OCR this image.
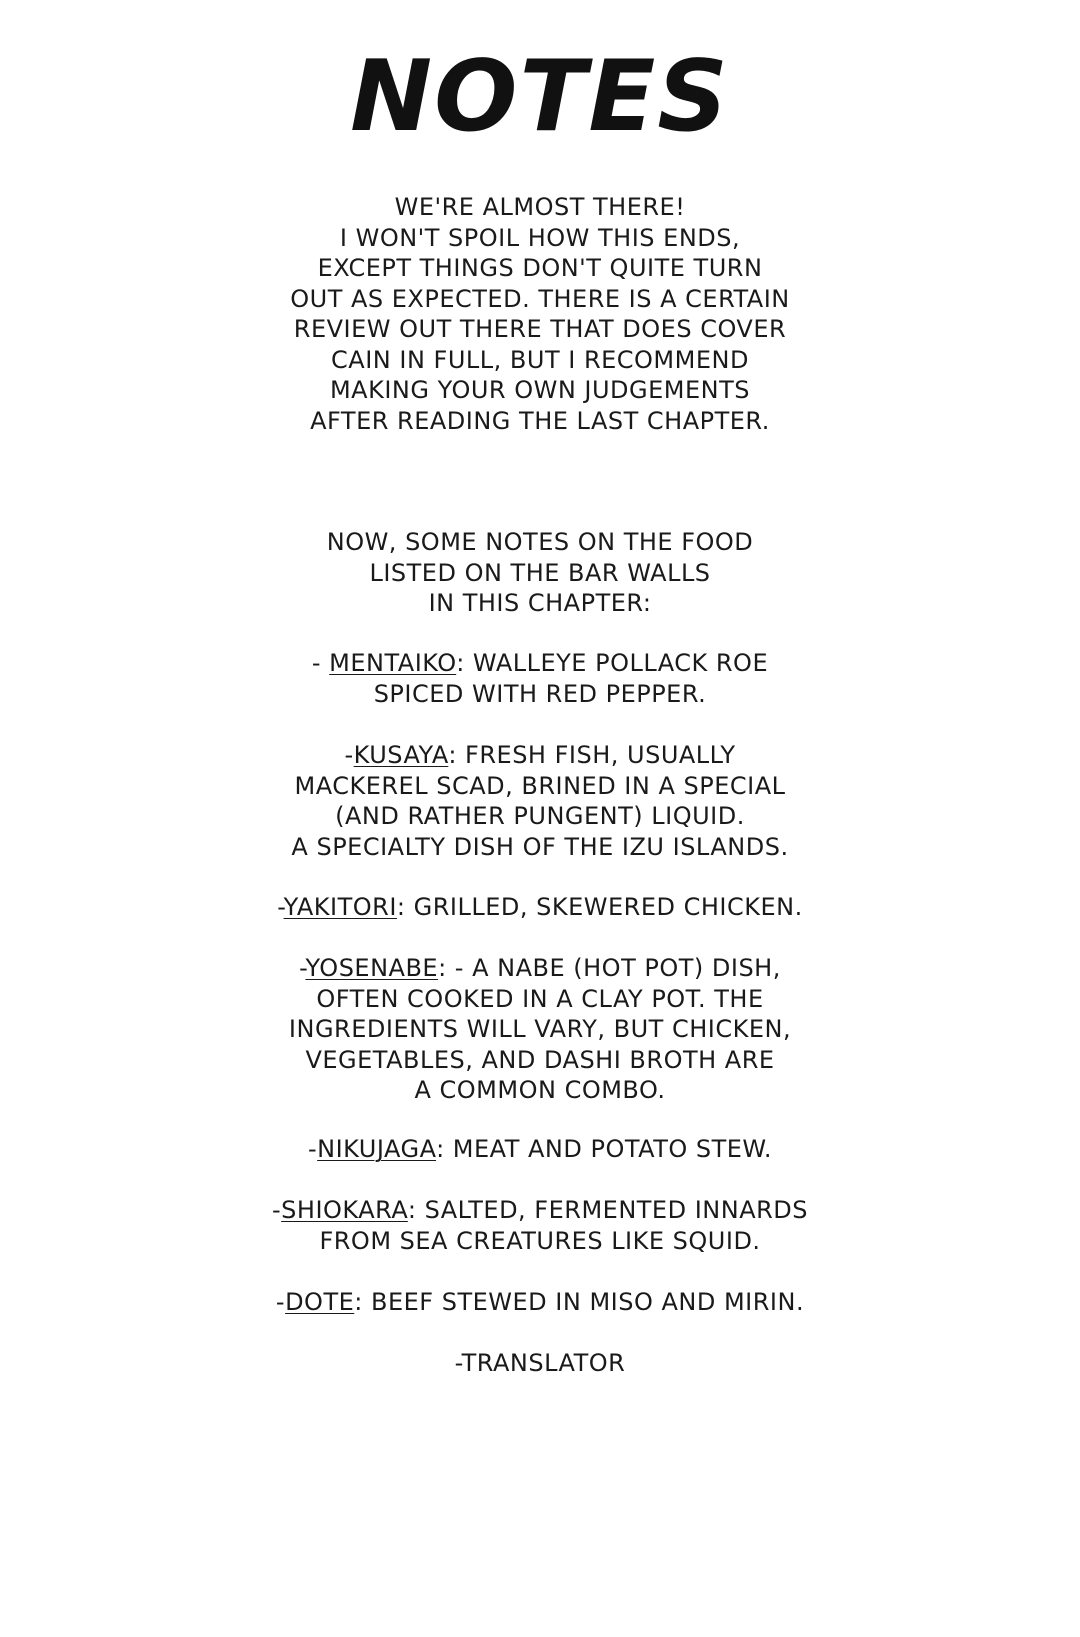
NOTES
WE'RE ALMOST THERE!
I WON'T SPOIL HOW THIS ENDS,
EXCEPT THINGS DON'T QUITE TURN
OUT AS EXPECTED. THERE IS A CERTAIN
REVIEW OUT THERE THAT DOES COVER
CAIN IN FULL, BUT I RECOMMEND
MAKING YOUR OWN JUDGEMENTS
AFTER READING THE LAST CHAPTER.
NOW, SOME NOTES ON THE FOOD
LISTED ON THE BAR WALLS
IN THIS CHAPTER:
- MENTAIKO: WALLEYE POLLACK ROE
SPICED WITH RED PEPPER.
-KUSAYA: FRESH FISH, USUALLY
MACKEREL SCAD, BRINED IN A SPECIAL
(AND RATHER PUNGENT) LIQUID.
A SPECIALTY DISH OF THE IZU ISLANDS.
-YAKITORI: GRILLED, SKEWERED CHICKEN.
-YOSENABE: - A NABE (HOT POT) DISH,
OFTEN COOKED IN A CLAY POT. THE
INGREDIENTS WILL VARY, BUT CHICKEN,
VEGETABLES, AND DASHI BROTH ARE
A COMMON COMBO.
-NIKUJAGA: MEAT AND POTATO STEW.
-SHIOKARA: SALTED, FERMENTED INNARDS
FROM SEA CREATURES LIKE SQUID.
-DOTE: BEEF STEWED IN MISO AND MIRIN.
-TRANSLATOR
